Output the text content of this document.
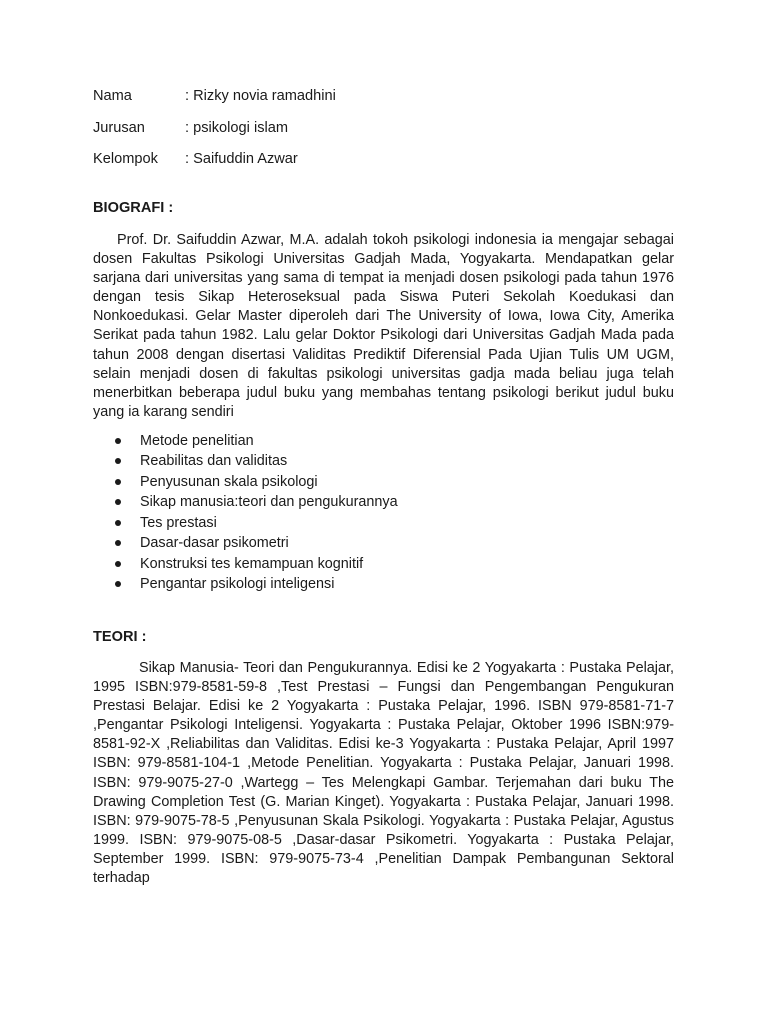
Nama	: Rizky novia ramadhini
Jurusan	: psikologi islam
Kelompok	: Saifuddin Azwar
BIOGRAFI :

Prof. Dr. Saifuddin Azwar, M.A. adalah tokoh psikologi indonesia ia mengajar sebagai dosen Fakultas Psikologi Universitas Gadjah Mada, Yogyakarta. Mendapatkan gelar sarjana dari universitas yang sama di tempat ia menjadi dosen psikologi pada tahun 1976 dengan tesis Sikap Heteroseksual pada Siswa Puteri Sekolah Koedukasi dan Nonkoedukasi. Gelar Master diperoleh dari The University of Iowa, Iowa City, Amerika Serikat pada tahun 1982. Lalu gelar Doktor Psikologi dari Universitas Gadjah Mada pada tahun 2008 dengan disertasi Validitas Prediktif Diferensial Pada Ujian Tulis UM UGM, selain menjadi dosen di fakultas psikologi universitas gadja mada beliau juga telah menerbitkan beberapa judul buku yang membahas tentang psikologi berikut judul buku yang ia karang sendiri

Metode penelitian
Reabilitas dan validitas
Penyusunan skala psikologi
Sikap manusia:teori dan pengukurannya
Tes prestasi
Dasar-dasar psikometri
Konstruksi tes kemampuan kognitif
Pengantar psikologi inteligensi
TEORI :

Sikap Manusia- Teori dan Pengukurannya. Edisi ke 2 Yogyakarta : Pustaka Pelajar, 1995 ISBN:979-8581-59-8 ,Test Prestasi – Fungsi dan Pengembangan Pengukuran Prestasi Belajar. Edisi ke 2 Yogyakarta : Pustaka Pelajar, 1996. ISBN 979-8581-71-7 ,Pengantar Psikologi Inteligensi. Yogyakarta : Pustaka Pelajar, Oktober 1996 ISBN:979-8581-92-X ,Reliabilitas dan Validitas. Edisi ke-3 Yogyakarta : Pustaka Pelajar, April 1997 ISBN: 979-8581-104-1 ,Metode Penelitian. Yogyakarta : Pustaka Pelajar, Januari 1998. ISBN: 979-9075-27-0 ,Wartegg – Tes Melengkapi Gambar. Terjemahan dari buku The Drawing Completion Test (G. Marian Kinget). Yogyakarta : Pustaka Pelajar, Januari 1998. ISBN: 979-9075-78-5 ,Penyusunan Skala Psikologi. Yogyakarta : Pustaka Pelajar, Agustus 1999. ISBN: 979-9075-08-5 ,Dasar-dasar Psikometri. Yogyakarta : Pustaka Pelajar, September 1999. ISBN: 979-9075-73-4 ,Penelitian Dampak Pembangunan Sektoral terhadap
